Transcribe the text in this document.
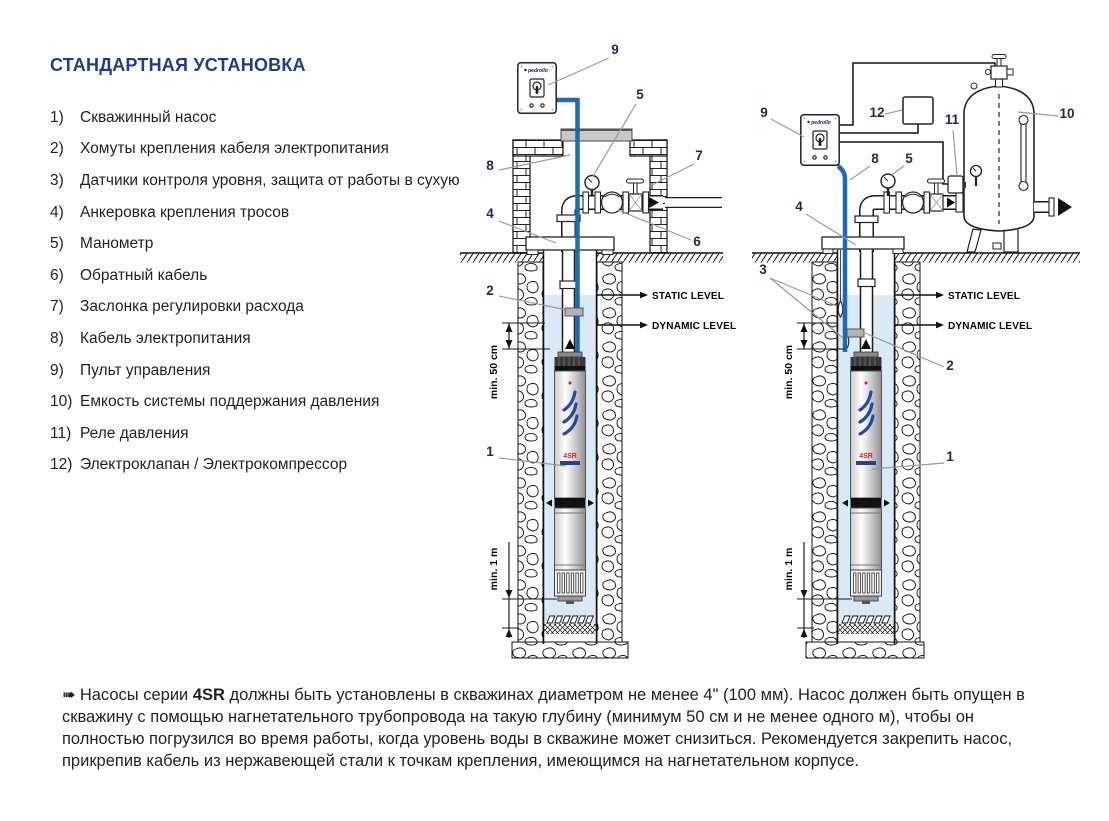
СТАНДАРТНАЯ УСТАНОВКА
1)	Скважинный насос
2)	Хомуты крепления кабеля электропитания
3)	Датчики контроля уровня, защита от работы в сухую
4)	Анкеровка крепления тросов
5)	Манометр
6)	Обратный кабель
7)	Заслонка регулировки расхода
8)	Кабель электропитания
9)	Пульт управления
10) Емкость системы поддержания давления
11) Реле давления
12) Электроклапан / Электрокомпрессор
➠ Насосы серии 4SR должны быть установлены в скважинах диаметром не менее 4" (100 мм). Насос должен быть опущен в скважину с помощью нагнетательного трубопровода на такую глубину (минимум 50 см и не менее одного м), чтобы он полностью погрузился во время работы, когда уровень воды в скважине может снизиться. Рекомендуется закрепить насос, прикрепив кабель из нержавеющей стали к точкам крепления, имеющимся на нагнетательном корпусе.
4SR
STATIC LEVEL
DYNAMIC LEVEL
min. 50 cm
min. 1 m
9
5
7
6
8
4
2
1
STATIC LEVEL
DYNAMIC LEVEL
min. 50 cm
min. 1 m
9	12	11	10
8 5
4
3
2
1
